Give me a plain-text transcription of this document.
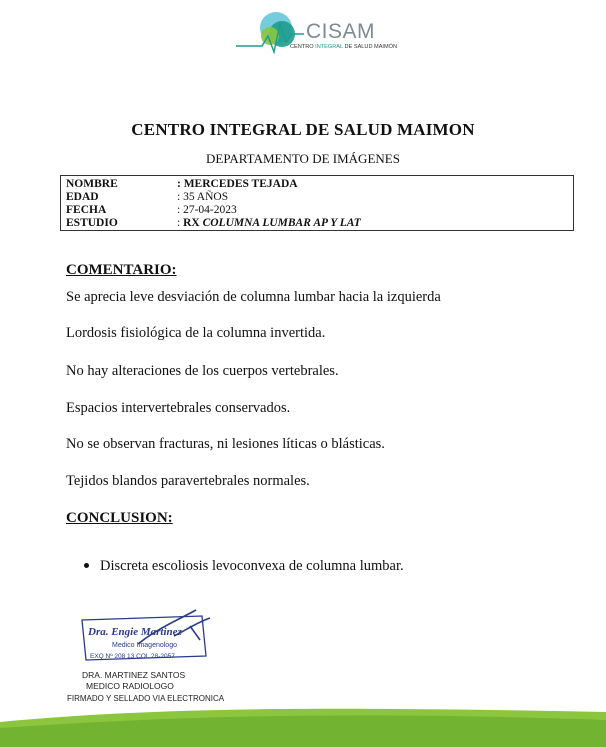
CISAM
CENTRO INTEGRAL DE SALUD MAIMÓN
CENTRO INTEGRAL DE SALUD MAIMON
DEPARTAMENTO DE IMÁGENES
NOMBRE	: MERCEDES TEJADA
EDAD	: 35 AÑOS
FECHA	: 27-04-2023
ESTUDIO	: RX COLUMNA LUMBAR AP Y LAT
COMENTARIO:
Se aprecia leve desviación de columna lumbar hacia la izquierda
Lordosis fisiológica de la columna invertida.
No hay alteraciones de los cuerpos vertebrales.
Espacios intervertebrales conservados.
No se observan fracturas, ni lesiones líticas o blásticas.
Tejidos blandos paravertebrales normales.
CONCLUSION:
Discreta escoliosis levoconvexa de columna lumbar.
Dra. Engie Martinez
Medico Imagenologo
EXQ Nº 208 13 COL 28-2057
DRA. MARTINEZ SANTOS
MEDICO RADIOLOGO
FIRMADO Y SELLADO VIA ELECTRONICA
